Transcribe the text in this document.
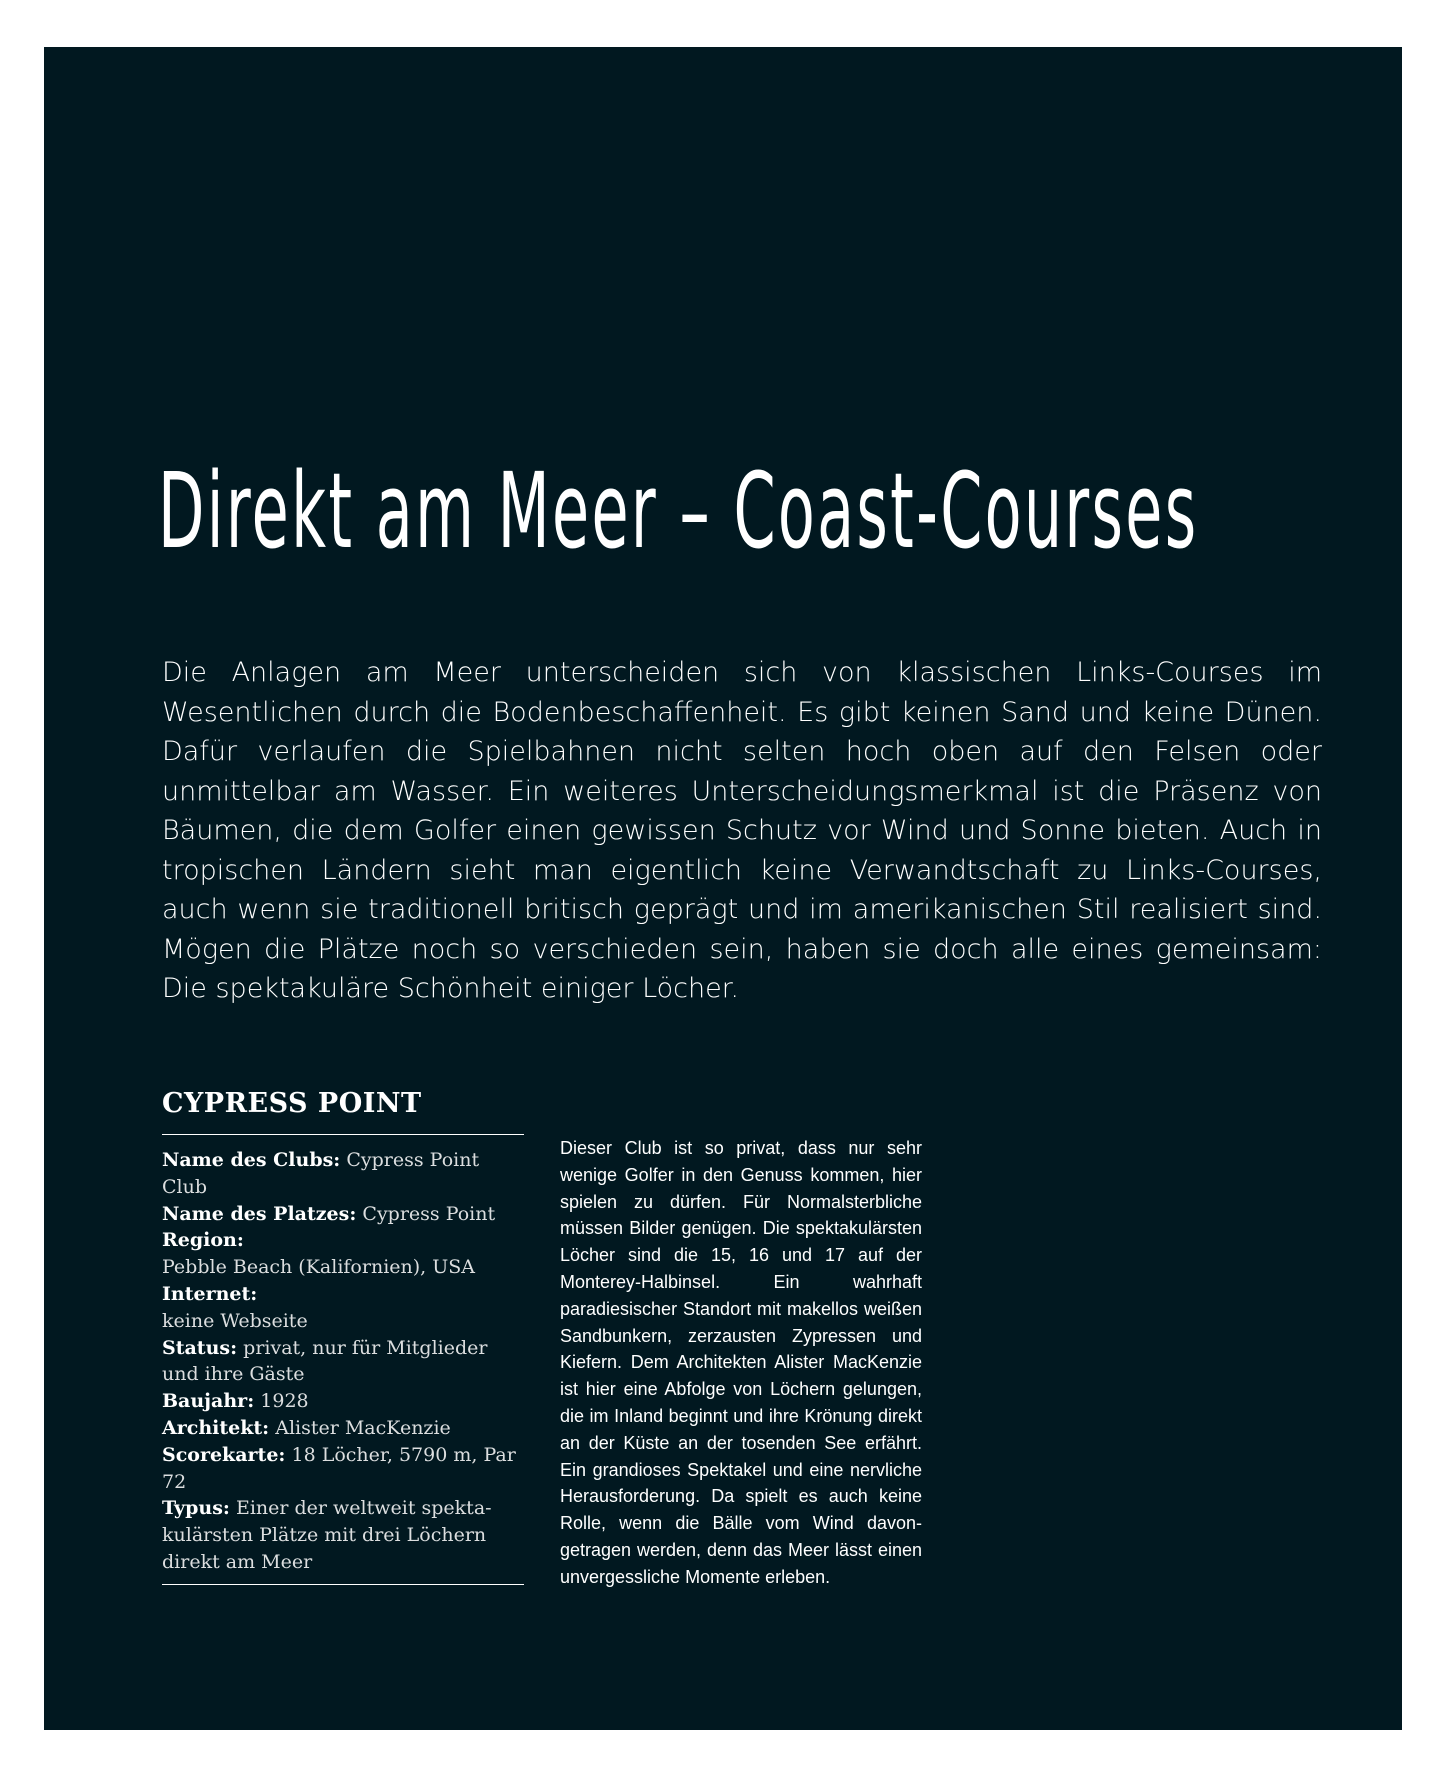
Direkt am Meer – Coast-Courses

Die Anlagen am Meer unterscheiden sich von klassischen Links-Courses im Wesentlichen durch die Bodenbeschaffenheit. Es gibt keinen Sand und keine Dünen. Dafür verlaufen die Spielbahnen nicht selten hoch oben auf den Felsen oder unmittelbar am Wasser. Ein weiteres Unterscheidungsmerkmal ist die Präsenz von Bäumen, die dem Golfer einen gewissen Schutz vor Wind und Sonne bieten. Auch in tropischen Ländern sieht man eigentlich keine Verwandtschaft zu Links-Courses, auch wenn sie traditionell britisch geprägt und im amerikanischen Stil realisiert sind. Mögen die Plätze noch so verschieden sein, haben sie doch alle eines gemeinsam: Die spektakuläre Schönheit einiger Löcher.

CYPRESS POINT

Name des Clubs: Cypress Point Club

Name des Platzes: Cypress Point

Region:
Pebble Beach (Kalifornien), USA

Internet:
keine Webseite

Status: privat, nur für Mitglieder und ihre Gäste

Baujahr: 1928

Architekt: Alister MacKenzie

Scorekarte: 18 Löcher, 5790 m, Par 72

Typus: Einer der weltweit spektakulärsten Plätze mit drei Löchern direkt am Meer

Dieser Club ist so privat, dass nur sehr wenige Golfer in den Genuss kommen, hier spielen zu dürfen. Für Normalsterbliche müssen Bilder genügen. Die spektakulärsten Löcher sind die 15, 16 und 17 auf der Monterey-Halbinsel. Ein wahrhaft paradiesischer Standort mit makellos weißen Sandbunkern, zerzausten Zypressen und Kiefern. Dem Architekten Alister MacKenzie ist hier eine Abfolge von Löchern gelungen, die im Inland beginnt und ihre Krönung direkt an der Küste an der tosenden See erfährt. Ein grandioses Spektakel und eine nervliche Herausforderung. Da spielt es auch keine Rolle, wenn die Bälle vom Wind davongetragen werden, denn das Meer lässt einen unvergessliche Momente erleben.
